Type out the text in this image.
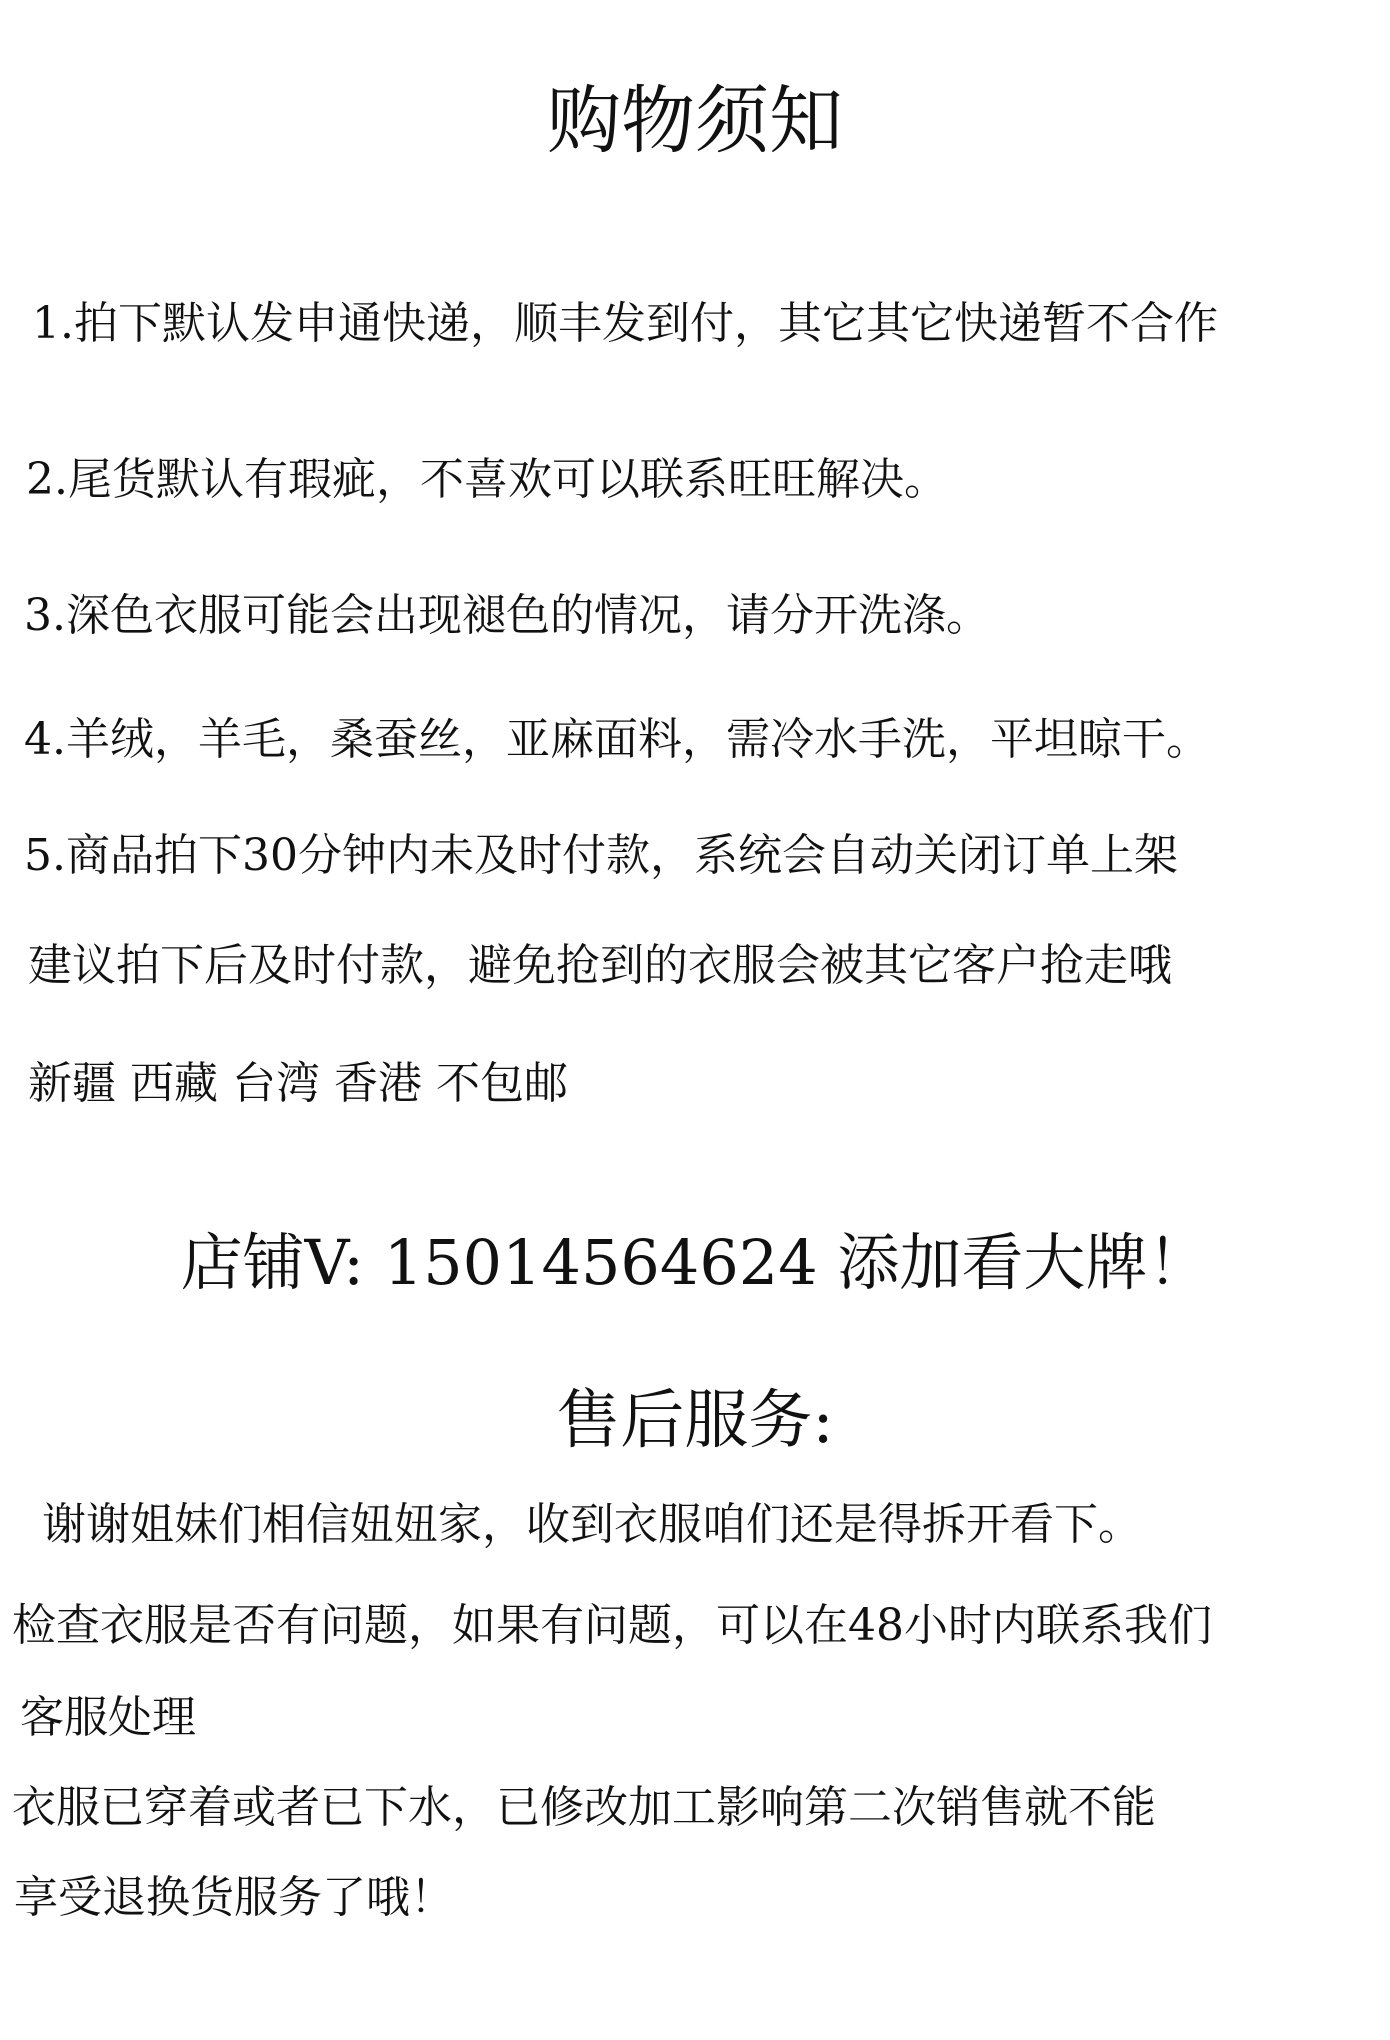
购物须知
1.拍下默认发申通快递，顺丰发到付，其它其它快递暂不合作
2.尾货默认有瑕疵，不喜欢可以联系旺旺解决。
3.深色衣服可能会出现褪色的情况，请分开洗涤。
4.羊绒，羊毛，桑蚕丝，亚麻面料，需冷水手洗，平坦晾干。
5.商品拍下30分钟内未及时付款，系统会自动关闭订单上架
建议拍下后及时付款，避免抢到的衣服会被其它客户抢走哦
新疆 西藏 台湾 香港 不包邮
店铺V: 15014564624 添加看大牌！
售后服务:
谢谢姐妹们相信妞妞家，收到衣服咱们还是得拆开看下。
检查衣服是否有问题，如果有问题，可以在48小时内联系我们
客服处理
衣服已穿着或者已下水，已修改加工影响第二次销售就不能
享受退换货服务了哦！
